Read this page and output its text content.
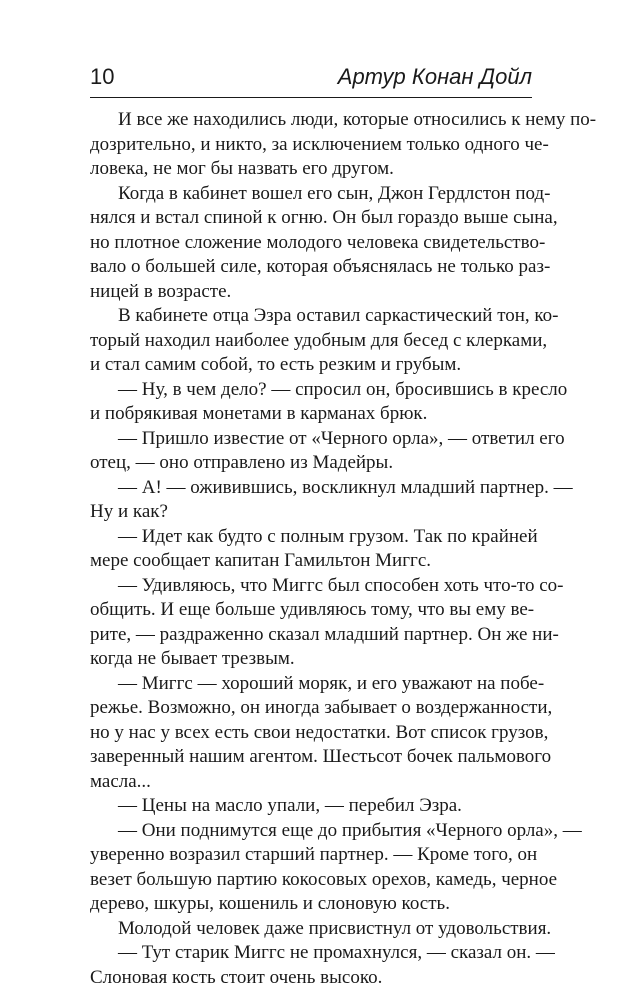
10	Артур Конан Дойл
И все же находились люди, которые относились к нему по-
дозрительно, и никто, за исключением только одного че-
ловека, не мог бы назвать его другом.
Когда в кабинет вошел его сын, Джон Гердлстон под-
нялся и встал спиной к огню. Он был гораздо выше сына,
но плотное сложение молодого человека свидетельство-
вало о большей силе, которая объяснялась не только раз-
ницей в возрасте.
В кабинете отца Эзра оставил саркастический тон, ко-
торый находил наиболее удобным для бесед с клерками,
и стал самим собой, то есть резким и грубым.
— Ну, в чем дело? — спросил он, бросившись в кресло
и побрякивая монетами в карманах брюк.
— Пришло известие от «Черного орла», — ответил его
отец, — оно отправлено из Мадейры.
— А! — оживившись, воскликнул младший партнер. —
Ну и как?
— Идет как будто с полным грузом. Так по крайней
мере сообщает капитан Гамильтон Миггс.
— Удивляюсь, что Миггс был способен хоть что-то со-
общить. И еще больше удивляюсь тому, что вы ему ве-
рите, — раздраженно сказал младший партнер. Он же ни-
когда не бывает трезвым.
— Миггс — хороший моряк, и его уважают на побе-
режье. Возможно, он иногда забывает о воздержанности,
но у нас у всех есть свои недостатки. Вот список грузов,
заверенный нашим агентом. Шестьсот бочек пальмового
масла...
— Цены на масло упали, — перебил Эзра.
— Они поднимутся еще до прибытия «Черного орла», —
уверенно возразил старший партнер. — Кроме того, он
везет большую партию кокосовых орехов, камедь, черное
дерево, шкуры, кошениль и слоновую кость.
Молодой человек даже присвистнул от удовольствия.
— Тут старик Миггс не промахнулся, — сказал он. —
Слоновая кость стоит очень высоко.
